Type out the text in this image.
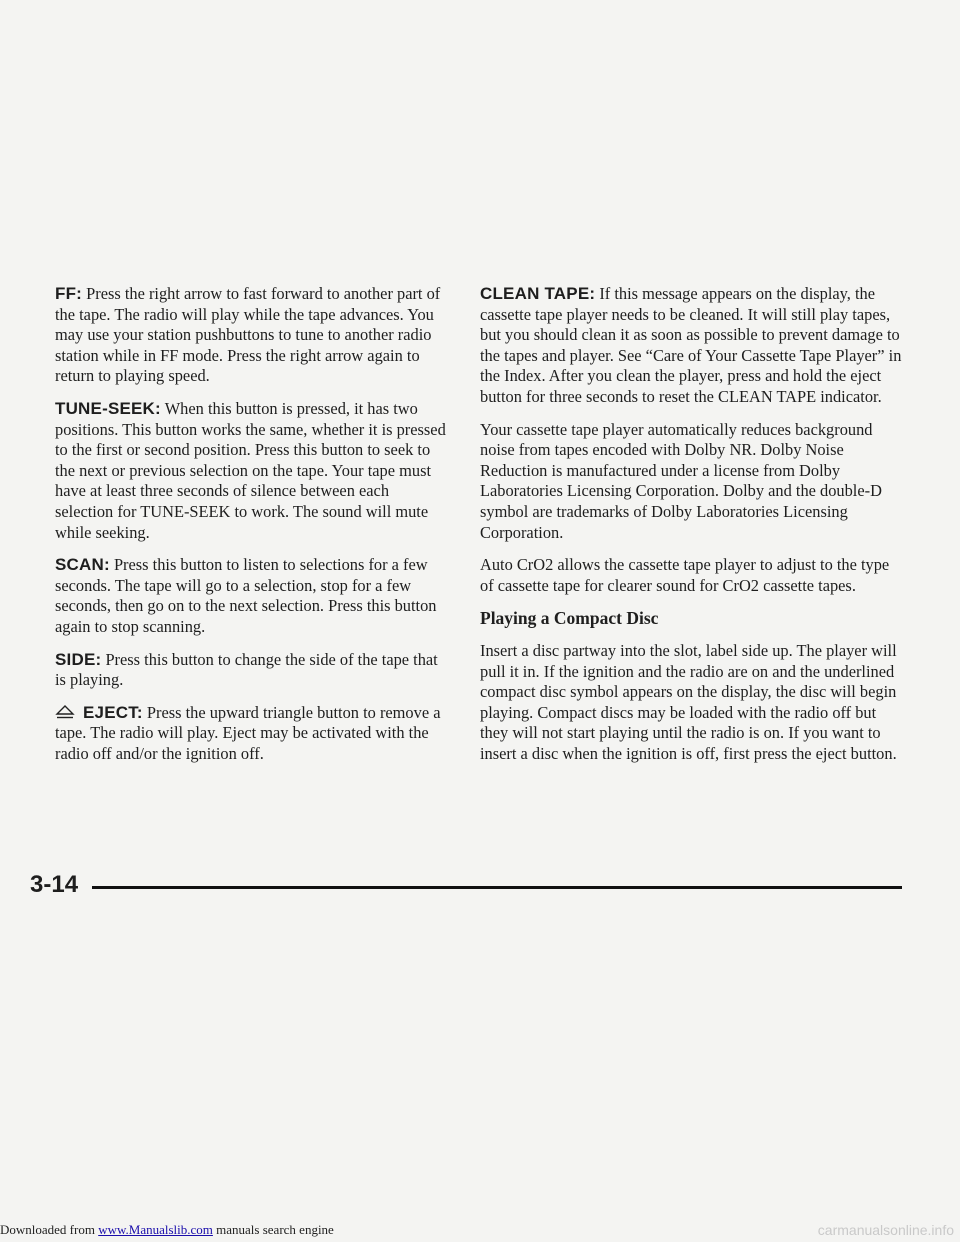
FF: Press the right arrow to fast forward to another part of the tape. The radio will play while the tape advances. You may use your station pushbuttons to tune to another radio station while in FF mode. Press the right arrow again to return to playing speed.

TUNE-SEEK: When this button is pressed, it has two positions. This button works the same, whether it is pressed to the first or second position. Press this button to seek to the next or previous selection on the tape. Your tape must have at least three seconds of silence between each selection for TUNE-SEEK to work. The sound will mute while seeking.

SCAN: Press this button to listen to selections for a few seconds. The tape will go to a selection, stop for a few seconds, then go on to the next selection. Press this button again to stop scanning.

SIDE: Press this button to change the side of the tape that is playing.

EJECT: Press the upward triangle button to remove a tape. The radio will play. Eject may be activated with the radio off and/or the ignition off.

CLEAN TAPE: If this message appears on the display, the cassette tape player needs to be cleaned. It will still play tapes, but you should clean it as soon as possible to prevent damage to the tapes and player. See “Care of Your Cassette Tape Player” in the Index. After you clean the player, press and hold the eject button for three seconds to reset the CLEAN TAPE indicator.

Your cassette tape player automatically reduces background noise from tapes encoded with Dolby NR. Dolby Noise Reduction is manufactured under a license from Dolby Laboratories Licensing Corporation. Dolby and the double-D symbol are trademarks of Dolby Laboratories Licensing Corporation.

Auto CrO2 allows the cassette tape player to adjust to the type of cassette tape for clearer sound for CrO2 cassette tapes.

Playing a Compact Disc

Insert a disc partway into the slot, label side up. The player will pull it in. If the ignition and the radio are on and the underlined compact disc symbol appears on the display, the disc will begin playing. Compact discs may be loaded with the radio off but they will not start playing until the radio is on. If you want to insert a disc when the ignition is off, first press the eject button.

3-14
Downloaded from www.Manualslib.com manuals search engine	carmanualsonline.info
